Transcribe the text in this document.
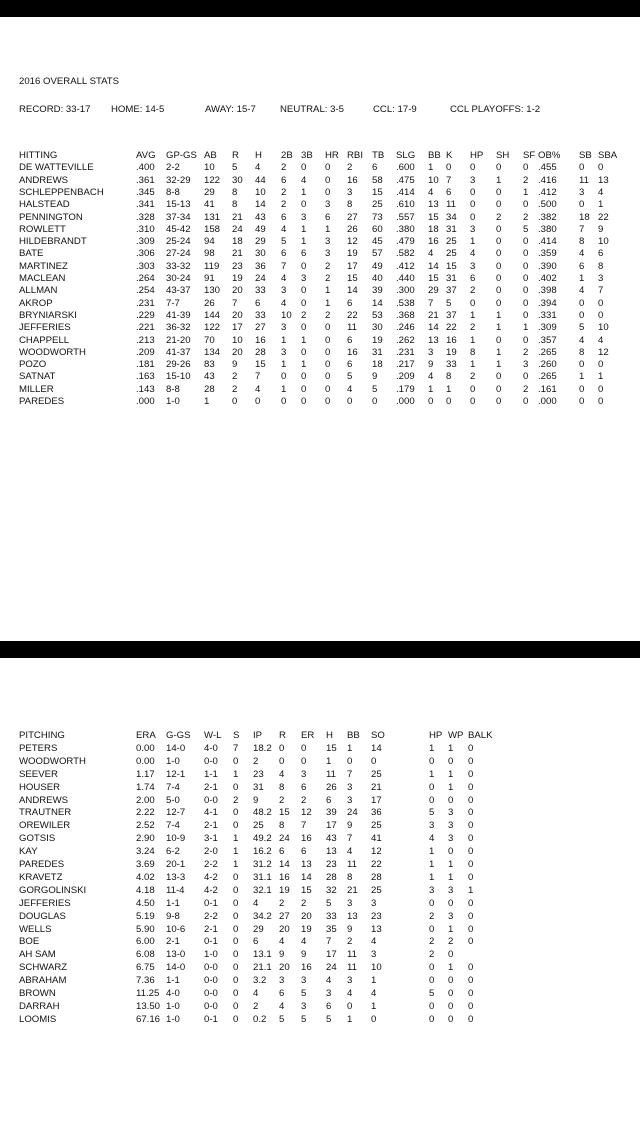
2016 OVERALL STATS
RECORD: 33-17 HOME: 14-5	AWAY: 15-7	NEUTRAL: 3-5	CCL: 17-9	CCL PLAYOFFS: 1-2
HITTING	AVG GP-GS AB R H 2B 3B HR RBI TB SLG BB K HP SH SF OB% SB SBA
DE WATTEVILLE	.400 2-2	10 5 4 2 0 0 2 6 .600 1 0 0 0 0 .455 0 0
ANDREWS	.361 32-29 122 30 44 6 4 0 16 58 .475 10 7 3 1 2 .416 11 13
SCHLEPPENBACH	.345 8-8	29 8 10 2 1 0 3 15 .414 4 6 0 0 1 .412 3 4
HALSTEAD	.341 15-13 41 8 14 2 0 3 8 25 .610 13 11 0 0 0 .500 0 1
PENNINGTON	.328 37-34 131 21 43 6 3 6 27 73 .557 15 34 0 2 2 .382 18 22
ROWLETT	.310 45-42 158 24 49 4 1 1 26 60 .380 18 31 3 0 5 .380 7 9
HILDEBRANDT	.309 25-24 94 18 29 5 1 3 12 45 .479 16 25 1 0 0 .414 8 10
BATE	.306 27-24 98 21 30 6 6 3 19 57 .582 4 25 4 0 0 .359 4 6
MARTINEZ	.303 33-32 119 23 36 7 0 2 17 49 .412 14 15 3 0 0 .390 6 8
MACLEAN	.264 30-24 91 19 24 4 3 2 15 40 .440 15 31 6 0 0 .402 1 3
ALLMAN	.254 43-37 130 20 33 3 0 1 14 39 .300 29 37 2 0 0 .398 4 7
AKROP	.231 7-7	26 7 6 4 0 1 6 14 .538 7 5 0 0 0 .394 0 0
BRYNIARSKI	.229 41-39 144 20 33 10 2 2 22 53 .368 21 37 1 1 0 .331 0 0
JEFFERIES	.221 36-32 122 17 27 3 0 0 11 30 .246 14 22 2 1 1 .309 5 10
CHAPPELL	.213 21-20 70 10 16 1 1 0 6 19 .262 13 16 1 0 0 .357 4 4
WOODWORTH	.209 41-37 134 20 28 3 0 0 16 31 .231 3 19 8 1 2 .265 8 12
POZO	.181 29-26 83 9 15 1 1 0 6 18 .217 9 33 1 1 3 .260 0 0
SATNAT	.163 15-10 43 2 7 0 0 0 5 9 .209 4 8 2 0 0 .265 1 1
MILLER	.143 8-8	28 2 4 1 0 0 4 5 .179 1 1 0 0 2 .161 0 0
PAREDES	.000 1-0	1 0 0 0 0 0 0 0 .000 0 0 0 0 0 .000 0 0
PITCHING	ERA G-GS W-L S IP R ER H BB SO	HP WP BALK
PETERS	0.00 14-0 4-0 7 18.2 0 0 15 1 14	1 1 0
WOODWORTH	0.00 1-0	0-0 0 2 0 0 1 0 0	0 0 0
SEEVER	1.17 12-1 1-1 1 23 4 3 11 7 25	1 1 0
HOUSER	1.74 7-4	2-1 0 31 8 6 26 3 21	0 1 0
ANDREWS	2.00 5-0	0-0 2 9 2 2 6 3 17	0 0 0
TRAUTNER	2.22 12-7 4-1 0 48.2 15 12 39 24 36	5 3 0
OREWILER	2.52 7-4	2-1 0 25 8 7 17 9 25	3 3 0
GOTSIS	2.90 10-9 3-1 1 49.2 24 16 43 7 41	4 3 0
KAY	3.24 6-2	2-0 1 16.2 6 6 13 4 12	1 0 0
PAREDES	3.69 20-1 2-2 1 31.2 14 13 23 11 22	1 1 0
KRAVETZ	4.02 13-3 4-2 0 31.1 16 14 28 8 28	1 1 0
GORGOLINSKI	4.18 11-4 4-2 0 32.1 19 15 32 21 25	3 3 1
JEFFERIES	4.50 1-1	0-1 0 4 2 2 5 3 3	0 0 0
DOUGLAS	5.19 9-8	2-2 0 34.2 27 20 33 13 23	2 3 0
WELLS	5.90 10-6 2-1 0 29 20 19 35 9 13	0 1 0
BOE	6.00 2-1	0-1 0 6 4 4 7 2 4	2 2 0
AH SAM	6.08 13-0 1-0 0 13.1 9 9 17 11 3	2 0
SCHWARZ	6.75 14-0 0-0 0 21.1 20 16 24 11 10	0 1 0
ABRAHAM	7.36 1-1	0-0 0 3.2 3 3 4 3 1	0 0 0
BROWN	11.25 4-0	0-0 0 4 6 5 3 4 4	5 0 0
DARRAH	13.50 1-0	0-0 0 2 4 3 6 0 1	0 0 0
LOOMIS	67.16 1-0	0-1 0 0.2 5 5 5 1 0	0 0 0
